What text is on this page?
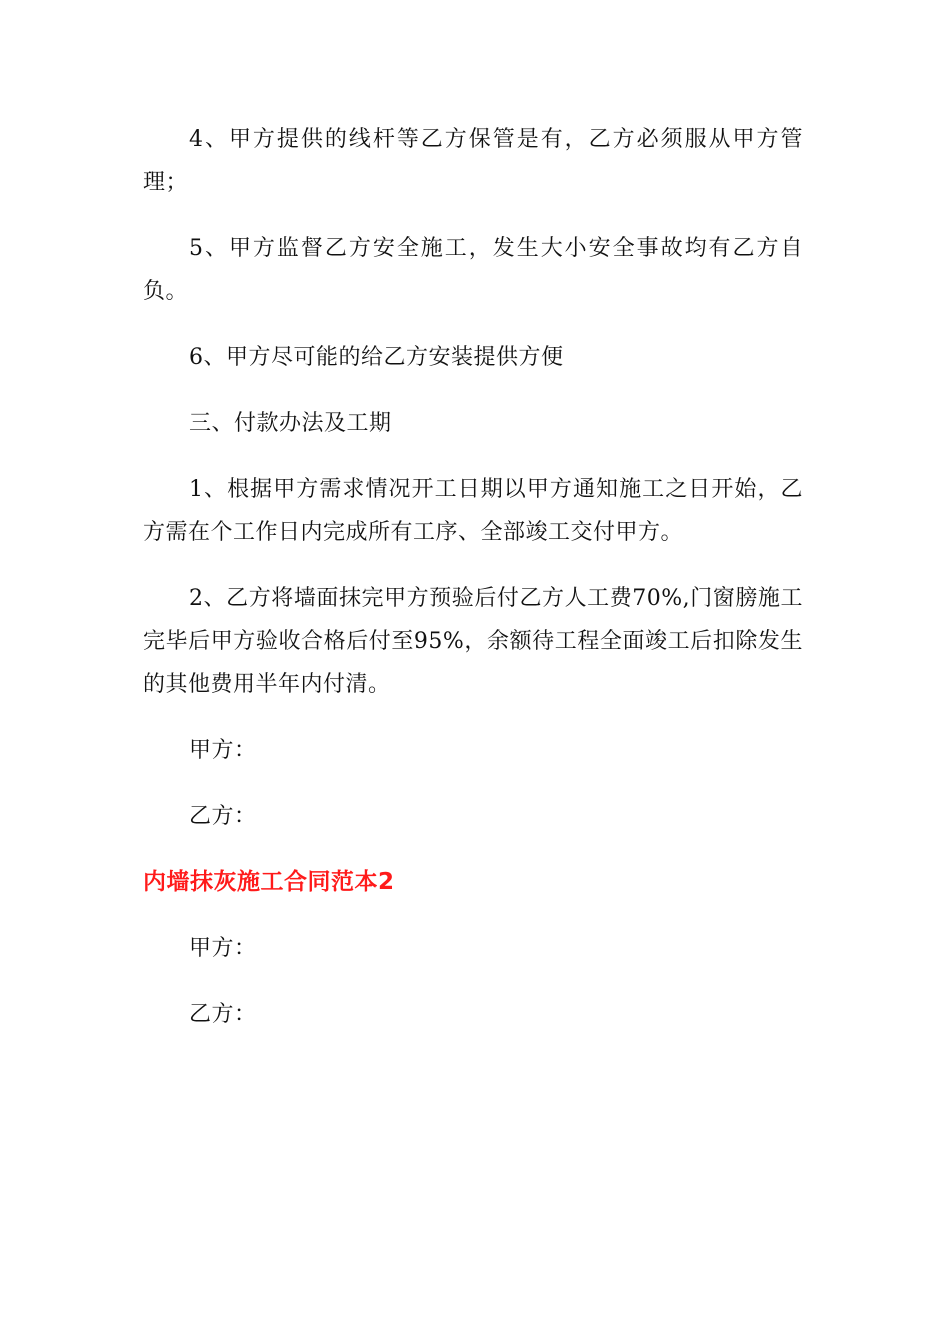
4、甲方提供的线杆等乙方保管是有，乙方必须服从甲方管理；

5、甲方监督乙方安全施工，发生大小安全事故均有乙方自负。

6、甲方尽可能的给乙方安装提供方便

三、付款办法及工期

1、根据甲方需求情况开工日期以甲方通知施工之日开始，乙方需在个工作日内完成所有工序、全部竣工交付甲方。

2、乙方将墙面抹完甲方预验后付乙方人工费70%,门窗膀施工完毕后甲方验收合格后付至95%，余额待工程全面竣工后扣除发生的其他费用半年内付清。

甲方：

乙方：

内墙抹灰施工合同范本2

甲方：

乙方：
